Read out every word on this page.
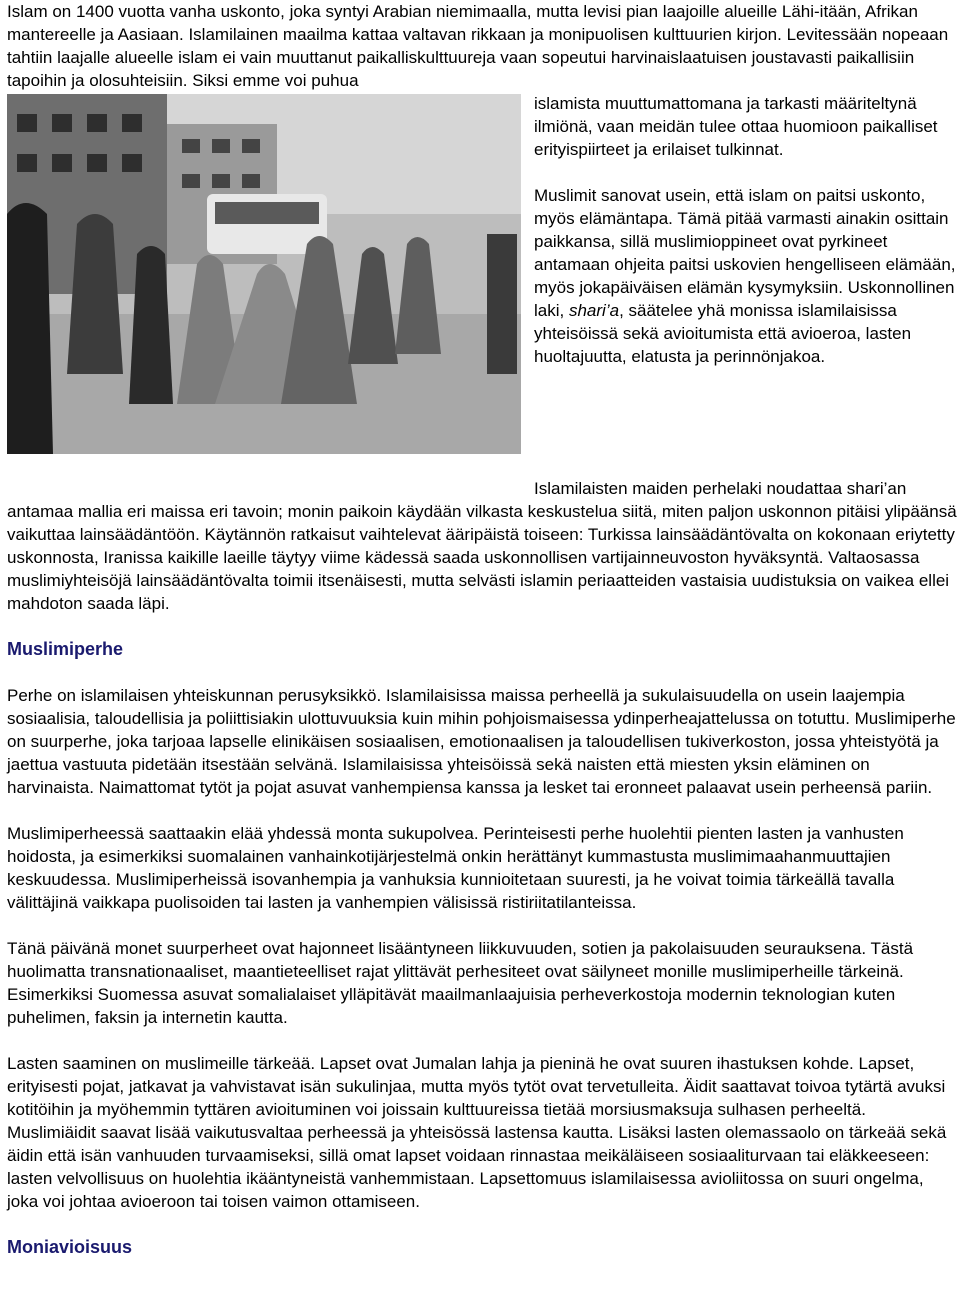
Islam on 1400 vuotta vanha uskonto, joka syntyi Arabian niemimaalla, mutta levisi pian laajoille alueille Lähi-itään, Afrikan mantereelle ja Aasiaan. Islamilainen maailma kattaa valtavan rikkaan ja monipuolisen kulttuurien kirjon. Levitessään nopeaan tahtiin laajalle alueelle islam ei vain muuttanut paikalliskulttuureja vaan sopeutui harvinaislaatuisen joustavasti paikallisiin tapoihin ja olosuhteisiin. Siksi emme voi puhua

islamista muuttumattomana ja tarkasti määriteltynä ilmiönä, vaan meidän tulee ottaa huomioon paikalliset erityispiirteet ja erilaiset tulkinnat.

Muslimit sanovat usein, että islam on paitsi uskonto, myös elämäntapa. Tämä pitää varmasti ainakin osittain paikkansa, sillä muslimioppineet ovat pyrkineet antamaan ohjeita paitsi uskovien hengelliseen elämään, myös jokapäiväisen elämän kysymyksiin. Uskonnollinen laki, shari’a, säätelee yhä monissa islamilaisissa yhteisöissä sekä avioitumista että avioeroa, lasten huoltajuutta, elatusta ja perinnönjakoa.

Islamilaisten maiden perhelaki noudattaa shari’an antamaa mallia eri maissa eri tavoin; monin paikoin käydään vilkasta keskustelua siitä, miten paljon uskonnon pitäisi ylipäänsä vaikuttaa lainsäädäntöön. Käytännön ratkaisut vaihtelevat ääripäistä toiseen: Turkissa lainsäädäntövalta on kokonaan eriytetty uskonnosta, Iranissa kaikille laeille täytyy viime kädessä saada uskonnollisen vartijainneuvoston hyväksyntä. Valtaosassa muslimiyhteisöjä lainsäädäntövalta toimii itsenäisesti, mutta selvästi islamin periaatteiden vastaisia uudistuksia on vaikea ellei mahdoton saada läpi.

Muslimiperhe

Perhe on islamilaisen yhteiskunnan perusyksikkö. Islamilaisissa maissa perheellä ja sukulaisuudella on usein laajempia sosiaalisia, taloudellisia ja poliittisiakin ulottuvuuksia kuin mihin pohjoismaisessa ydinperheajattelussa on totuttu. Muslimiperhe on suurperhe, joka tarjoaa lapselle elinikäisen sosiaalisen, emotionaalisen ja taloudellisen tukiverkoston, jossa yhteistyötä ja jaettua vastuuta pidetään itsestään selvänä. Islamilaisissa yhteisöissä sekä naisten että miesten yksin eläminen on harvinaista. Naimattomat tytöt ja pojat asuvat vanhempiensa kanssa ja lesket tai eronneet palaavat usein perheensä pariin.

Muslimiperheessä saattaakin elää yhdessä monta sukupolvea. Perinteisesti perhe huolehtii pienten lasten ja vanhusten hoidosta, ja esimerkiksi suomalainen vanhainkotijärjestelmä onkin herättänyt kummastusta muslimimaahanmuuttajien keskuudessa. Muslimiperheissä isovanhempia ja vanhuksia kunnioitetaan suuresti, ja he voivat toimia tärkeällä tavalla välittäjinä vaikkapa puolisoiden tai lasten ja vanhempien välisissä ristiriitatilanteissa.

Tänä päivänä monet suurperheet ovat hajonneet lisääntyneen liikkuvuuden, sotien ja pakolaisuuden seurauksena. Tästä huolimatta transnationaaliset, maantieteelliset rajat ylittävät perhesiteet ovat säilyneet monille muslimiperheille tärkeinä. Esimerkiksi Suomessa asuvat somalialaiset ylläpitävät maailmanlaajuisia perheverkostoja modernin teknologian kuten puhelimen, faksin ja internetin kautta.

Lasten saaminen on muslimeille tärkeää. Lapset ovat Jumalan lahja ja pieninä he ovat suuren ihastuksen kohde. Lapset, erityisesti pojat, jatkavat ja vahvistavat isän sukulinjaa, mutta myös tytöt ovat tervetulleita. Äidit saattavat toivoa tytärtä avuksi kotitöihin ja myöhemmin tyttären avioituminen voi joissain kulttuureissa tietää morsiusmaksuja sulhasen perheeltä. Muslimiäidit saavat lisää vaikutusvaltaa perheessä ja yhteisössä lastensa kautta. Lisäksi lasten olemassaolo on tärkeää sekä äidin että isän vanhuuden turvaamiseksi, sillä omat lapset voidaan rinnastaa meikäläiseen sosiaaliturvaan tai eläkkeeseen: lasten velvollisuus on huolehtia ikääntyneistä vanhemmistaan. Lapsettomuus islamilaisessa avioliitossa on suuri ongelma, joka voi johtaa avioeroon tai toisen vaimon ottamiseen.

Moniavioisuus
